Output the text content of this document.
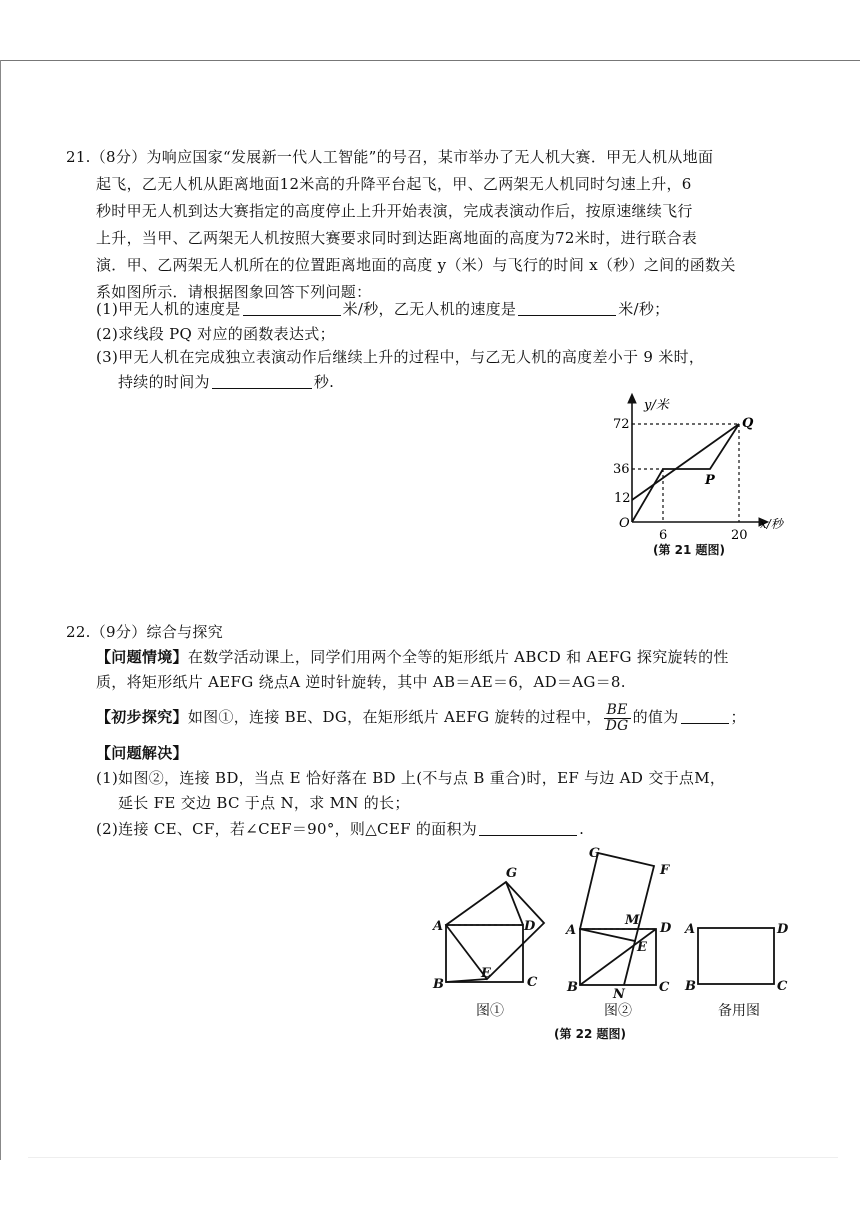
21.（8分）为响应国家“发展新一代人工智能”的号召，某市举办了无人机大赛．甲无人机从地面
起飞，乙无人机从距离地面12米高的升降平台起飞，甲、乙两架无人机同时匀速上升，6
秒时甲无人机到达大赛指定的高度停止上升开始表演，完成表演动作后，按原速继续飞行
上升，当甲、乙两架无人机按照大赛要求同时到达距离地面的高度为72米时，进行联合表
演．甲、乙两架无人机所在的位置距离地面的高度 y（米）与飞行的时间 x（秒）之间的函数关
系如图所示．请根据图象回答下列问题：
(1)甲无人机的速度是	米/秒，乙无人机的速度是	米/秒；
(2)求线段 PQ 对应的函数表达式；
(3)甲无人机在完成独立表演动作后继续上升的过程中，与乙无人机的高度差小于 9 米时，
持续的时间为	秒.
y/米
x/秒
72
36
12
O
6	20
P
Q
(第 21 题图)
22.（9分）综合与探究
【问题情境】在数学活动课上，同学们用两个全等的矩形纸片 ABCD 和 AEFG 探究旋转的性
质，将矩形纸片 AEFG 绕点A 逆时针旋转，其中 AB＝AE＝6，AD＝AG＝8.
【初步探究】如图①，连接 BE、DG，在矩形纸片 AEFG 旋转的过程中， $\frac{BE}{DG}$ 的值为	；
【问题解决】
(1)如图②，连接 BD，当点 E 恰好落在 BD 上(不与点 B 重合)时，EF 与边 AD 交于点M，
延长 FE 交边 BC 于点 N，求 MN 的长；
(2)连接 CE、CF，若∠CEF＝90°，则△CEF 的面积为	.
A
B	C
D
E
G
A
B	C
D
E
F
G
M
N
A
B	C
D
图①	图②	备用图
(第 22 题图)
